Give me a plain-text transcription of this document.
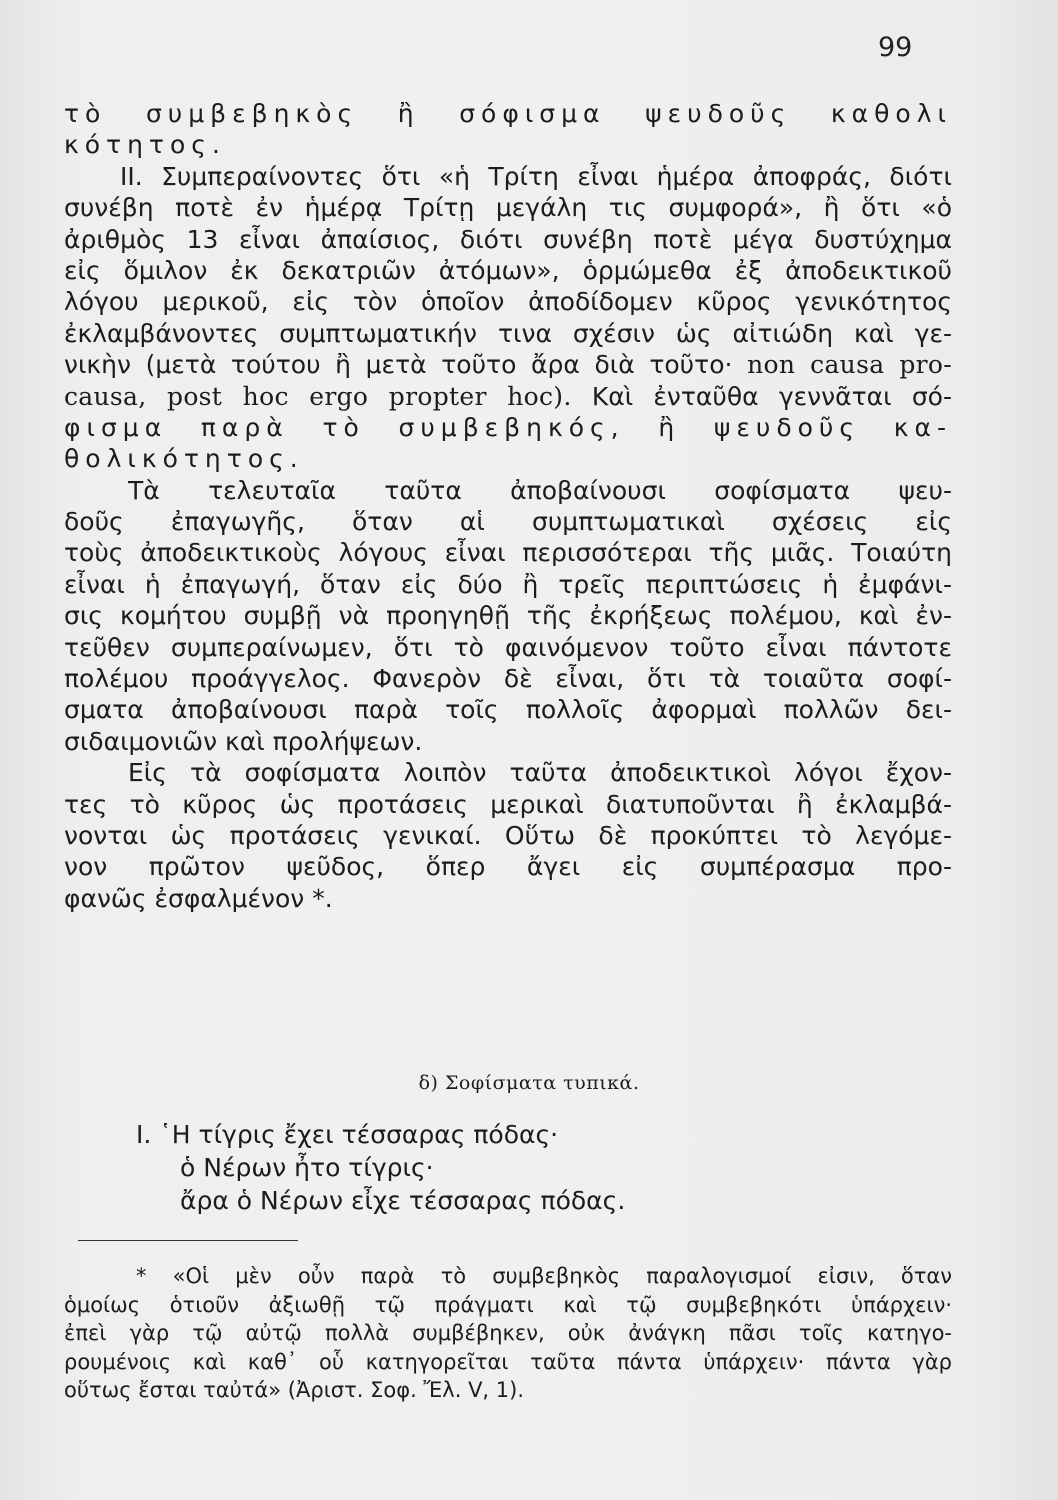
99
τὸ συμβεβηκὸς ἢ σόφισμα ψευδοῦς καθολι
κότητος.
II. Συμπεραίνοντες ὅτι «ἡ Τρίτη εἶναι ἡμέρα ἀποφράς, διότι
συνέβη ποτὲ ἐν ἡμέρᾳ Τρίτῃ μεγάλη τις συμφορά», ἢ ὅτι «ὁ
ἀριθμὸς 13 εἶναι ἀπαίσιος, διότι συνέβη ποτὲ μέγα δυστύχημα
εἰς ὅμιλον ἐκ δεκατριῶν ἀτόμων», ὁρμώμεθα ἐξ ἀποδεικτικοῦ
λόγου μερικοῦ, εἰς τὸν ὁποῖον ἀποδίδομεν κῦρος γενικότητος
ἐκλαμβάνοντες συμπτωματικήν τινα σχέσιν ὡς αἰτιώδη καὶ γε-
νικὴν (μετὰ τούτου ἢ μετὰ τοῦτο ἄρα διὰ τοῦτο· non causa pro-
causa, post hoc ergo propter hoc). Καὶ ἐνταῦθα γεννᾶται σό-
φισμα παρὰ τὸ συμβεβηκός, ἢ ψευδοῦς κα-
θολικότητος.
Τὰ τελευταῖα ταῦτα ἀποβαίνουσι σοφίσματα ψευ-
δοῦς ἐπαγωγῆς, ὅταν αἱ συμπτωματικαὶ σχέσεις εἰς
τοὺς ἀποδεικτικοὺς λόγους εἶναι περισσότεραι τῆς μιᾶς. Τοιαύτη
εἶναι ἡ ἐπαγωγή, ὅταν εἰς δύο ἢ τρεῖς περιπτώσεις ἡ ἐμφάνι-
σις κομήτου συμβῇ νὰ προηγηθῇ τῆς ἐκρήξεως πολέμου, καὶ ἐν-
τεῦθεν συμπεραίνωμεν, ὅτι τὸ φαινόμενον τοῦτο εἶναι πάντοτε
πολέμου προάγγελος. Φανερὸν δὲ εἶναι, ὅτι τὰ τοιαῦτα σοφί-
σματα ἀποβαίνουσι παρὰ τοῖς πολλοῖς ἀφορμαὶ πολλῶν δει-
σιδαιμονιῶν καὶ προλήψεων.
Εἰς τὰ σοφίσματα λοιπὸν ταῦτα ἀποδεικτικοὶ λόγοι ἔχον-
τες τὸ κῦρος ὡς προτάσεις μερικαὶ διατυποῦνται ἢ ἐκλαμβά-
νονται ὡς προτάσεις γενικαί. Οὕτω δὲ προκύπτει τὸ λεγόμε-
νον πρῶτον ψεῦδος, ὅπερ ἄγει εἰς συμπέρασμα προ-
φανῶς ἐσφαλμένον *.
δ) Σοφίσματα τυπικά.
I. ῾Η τίγρις ἔχει τέσσαρας πόδας·
ὁ Νέρων ἦτο τίγρις·
ἄρα ὁ Νέρων εἶχε τέσσαρας πόδας.
* «Οἱ μὲν οὖν παρὰ τὸ συμβεβηκὸς παραλογισμοί εἰσιν, ὅταν
ὁμοίως ὁτιοῦν ἀξιωθῇ τῷ πράγματι καὶ τῷ συμβεβηκότι ὑπάρχειν·
ἐπεὶ γὰρ τῷ αὐτῷ πολλὰ συμβέβηκεν, οὐκ ἀνάγκη πᾶσι τοῖς κατηγο-
ρουμένοις καὶ καθ᾽ οὗ κατηγορεῖται ταῦτα πάντα ὑπάρχειν· πάντα γὰρ
οὕτως ἔσται ταὐτά» (Ἀριστ. Σοφ. Ἔλ. V, 1).
